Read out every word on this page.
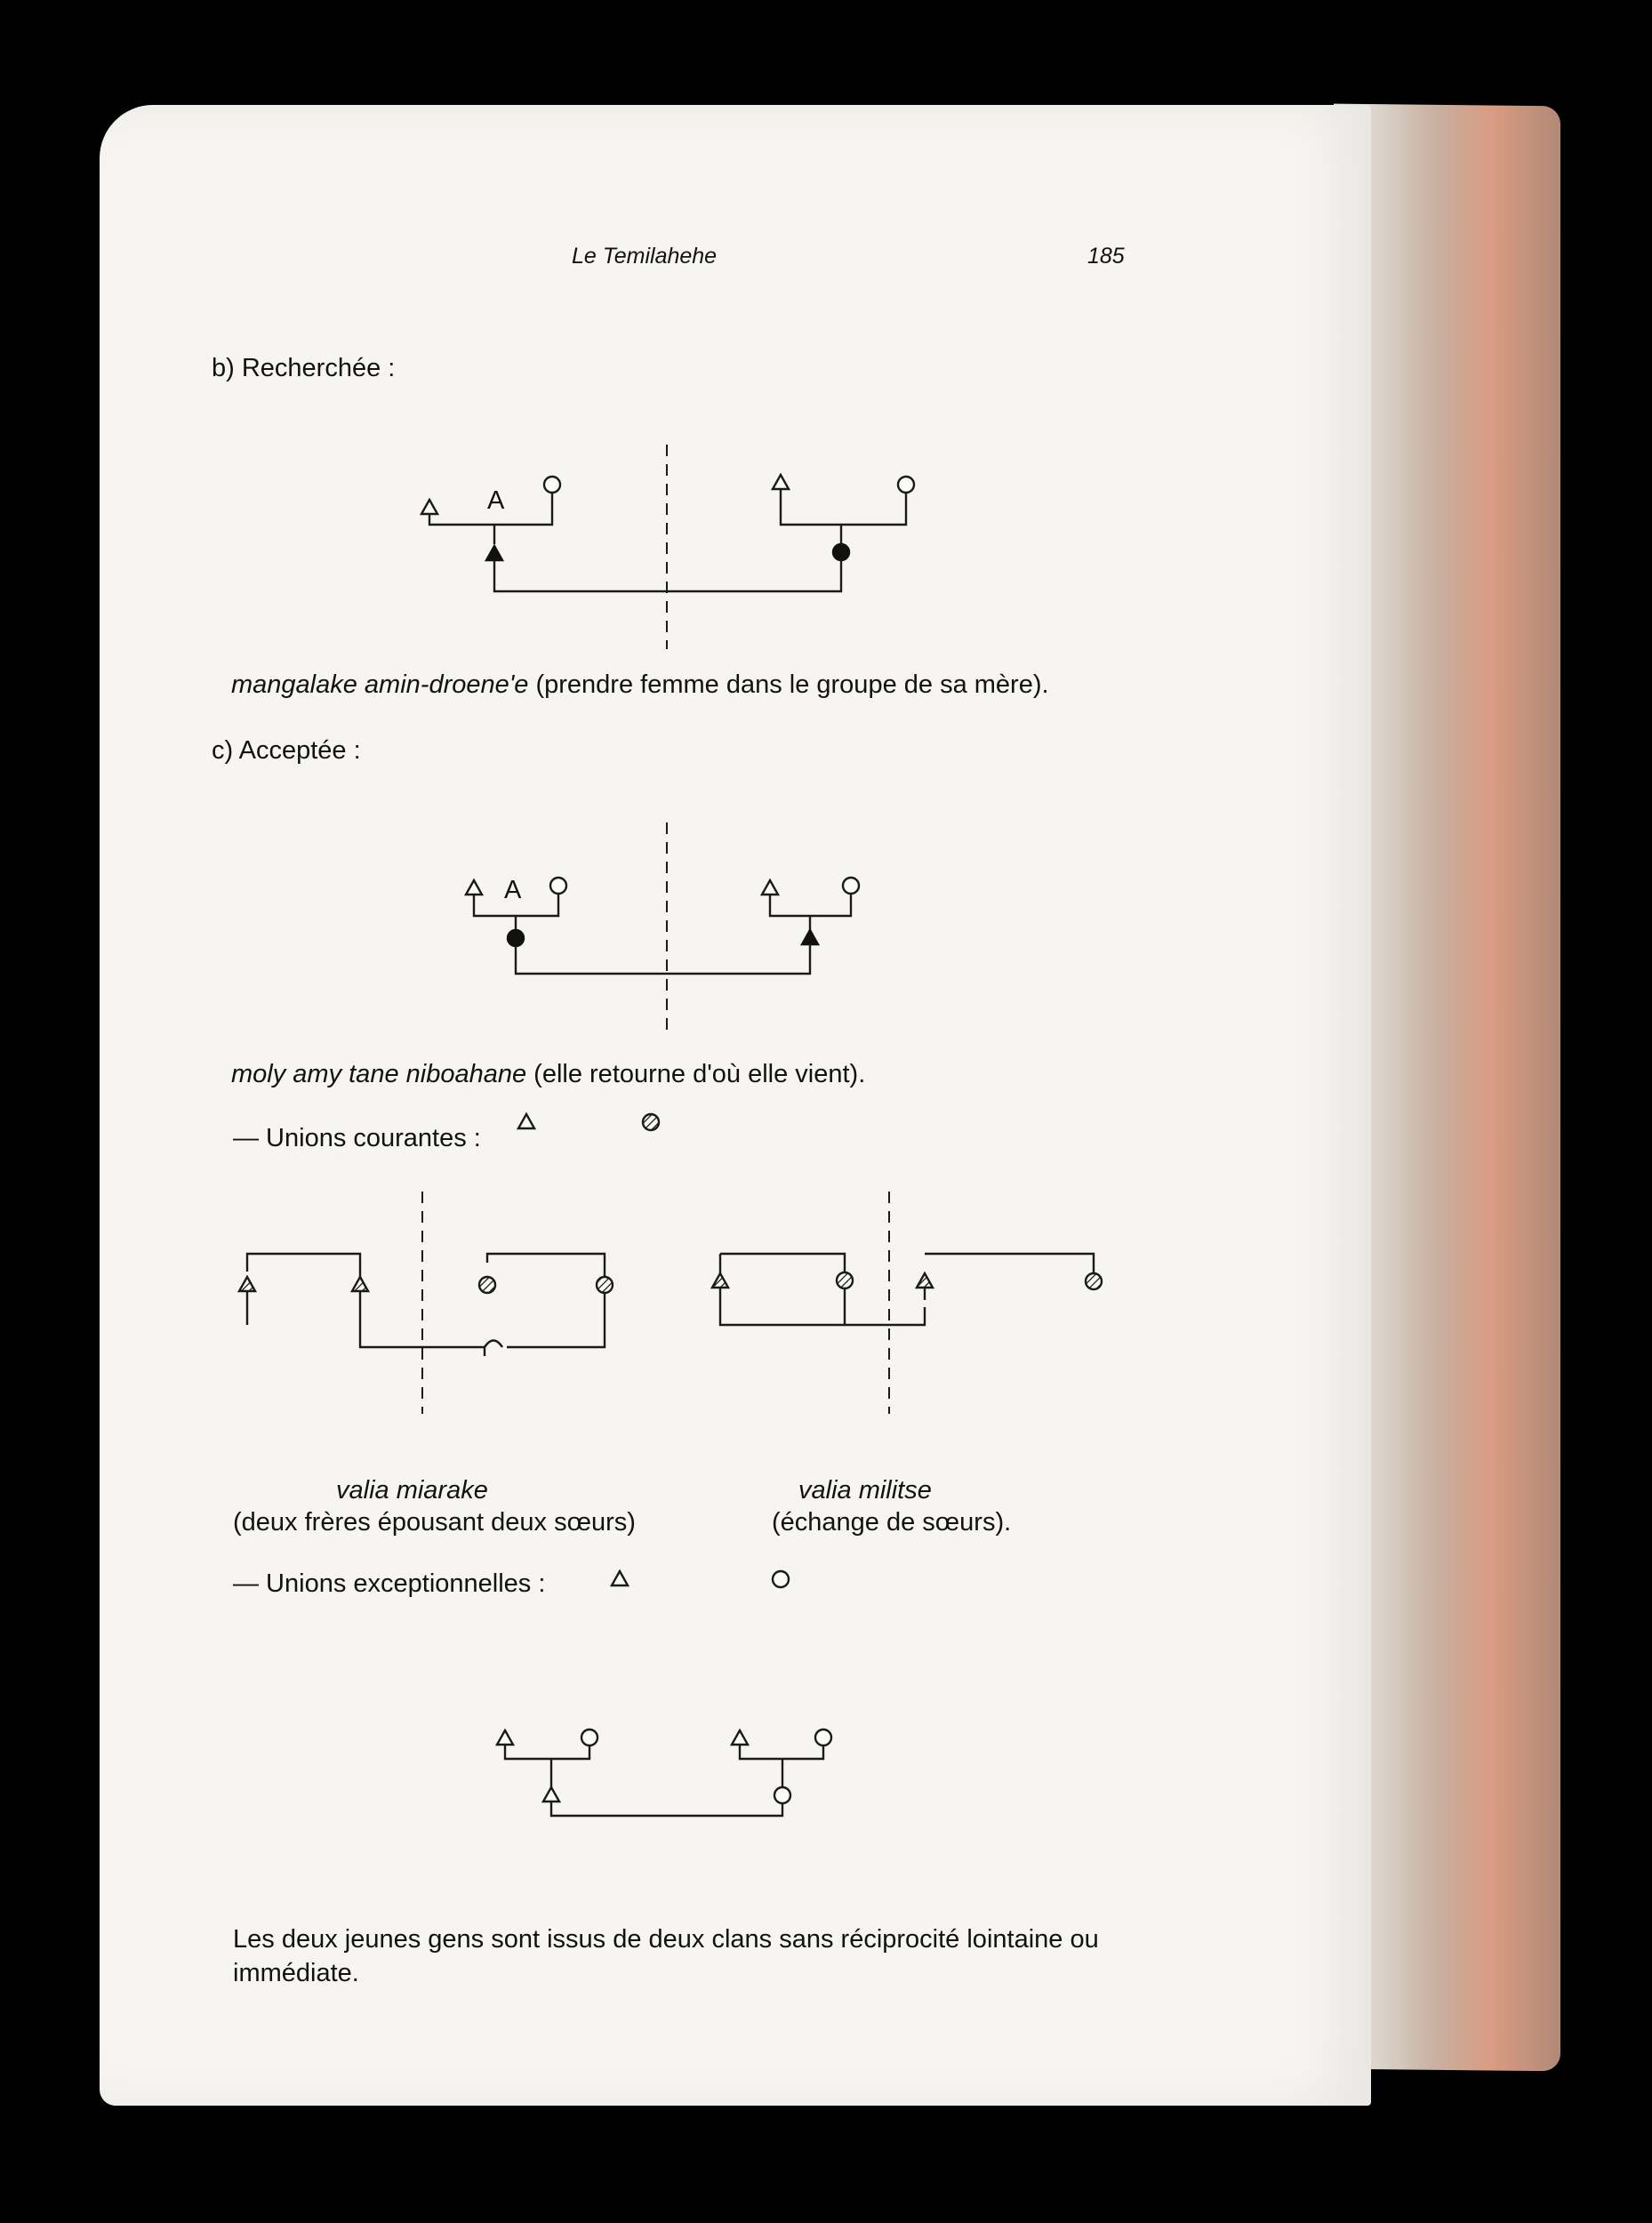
Le Temilahehe	185
b) Recherchée :
mangalake amin-droene'e (prendre femme dans le groupe de sa mère).
c) Acceptée :
moly amy tane niboahane (elle retourne d'où elle vient).
— Unions courantes :
valia miarake
(deux frères épousant deux sœurs)
valia militse
(échange de sœurs).
— Unions exceptionnelles :
Les deux jeunes gens sont issus de deux clans sans réciprocité lointaine ou
immédiate.
A
A
